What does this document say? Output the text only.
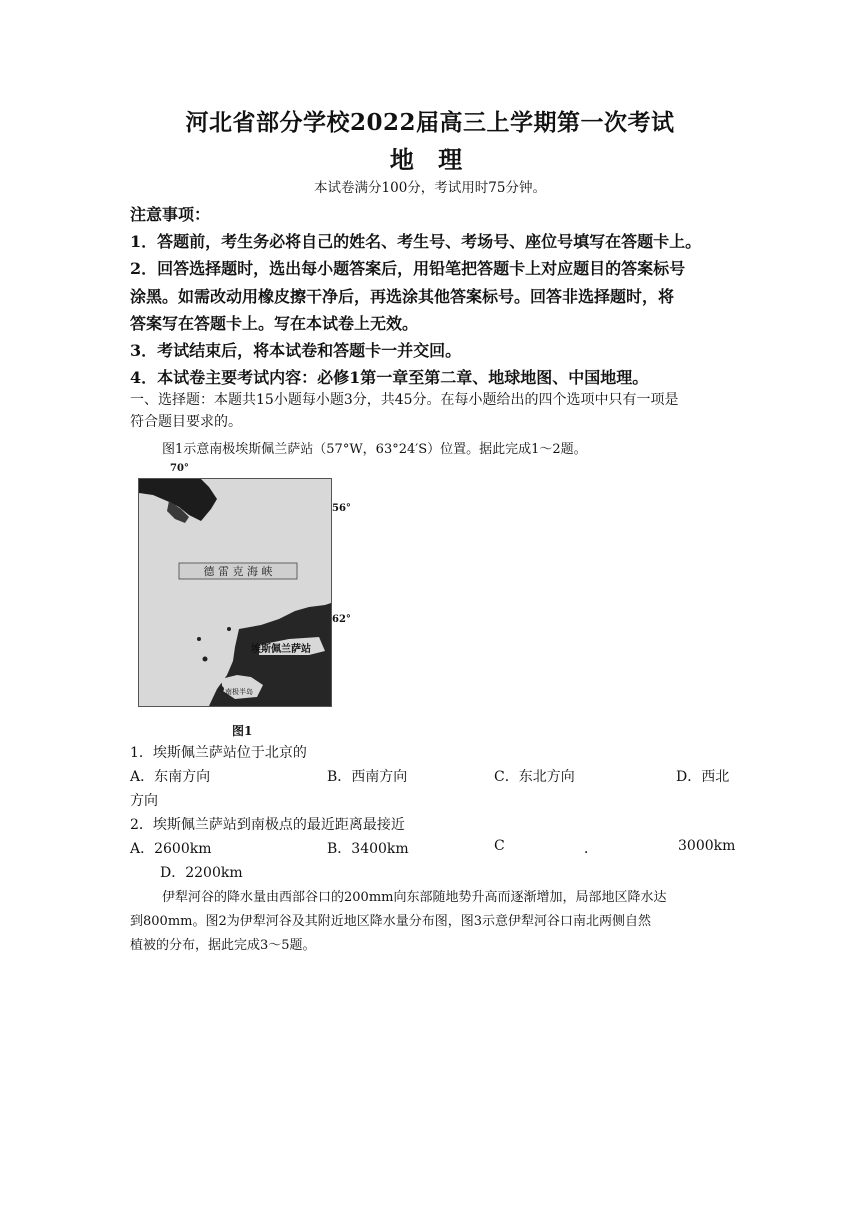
河北省部分学校2022届高三上学期第一次考试
地 理
本试卷满分100分，考试用时75分钟。
注意事项：
1．答题前，考生务必将自己的姓名、考生号、考场号、座位号填写在答题卡上。
2．回答选择题时，选出每小题答案后，用铅笔把答题卡上对应题目的答案标号
涂黑。如需改动用橡皮擦干净后，再选涂其他答案标号。回答非选择题时，将
答案写在答题卡上。写在本试卷上无效。
3．考试结束后，将本试卷和答题卡一并交回。
4．本试卷主要考试内容：必修1第一章至第二章、地球地图、中国地理。
一、选择题：本题共15小题每小题3分，共45分。在每小题给出的四个选项中只有一项是
符合题目要求的。
图1示意南极埃斯佩兰萨站（57°W，63°24′S）位置。据此完成1～2题。
70°
德 雷 克 海 峡
埃斯佩兰萨站
南极半岛
56°
62°
图1
1．埃斯佩兰萨站位于北京的
A．东南方向	B．西南方向	C．东北方向	D．西北
方向
2．埃斯佩兰萨站到南极点的最近距离最接近
A．2600km	B．3400km	C	．	3000km
D．2200km
伊犁河谷的降水量由西部谷口的200mm向东部随地势升高而逐渐增加，局部地区降水达
到800mm。图2为伊犁河谷及其附近地区降水量分布图，图3示意伊犁河谷口南北两侧自然
植被的分布，据此完成3～5题。
